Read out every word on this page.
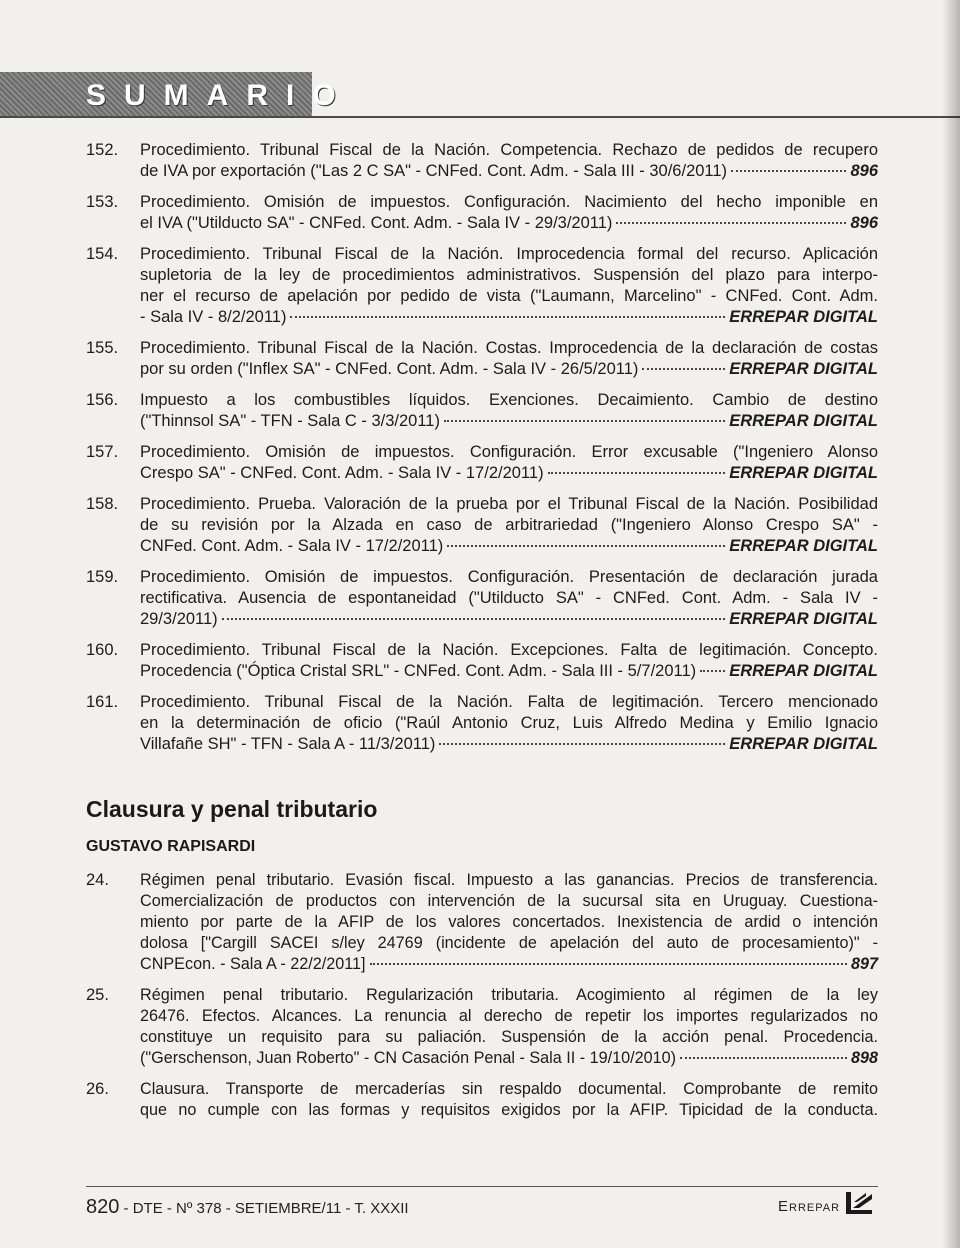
SUMARIO
152.	Procedimiento. Tribunal Fiscal de la Nación. Competencia. Rechazo de pedidos de recupero
de IVA por exportación ("Las 2 C SA" - CNFed. Cont. Adm. - Sala III - 30/6/2011)	896
153.	Procedimiento. Omisión de impuestos. Configuración. Nacimiento del hecho imponible en
el IVA ("Utilducto SA" - CNFed. Cont. Adm. - Sala IV - 29/3/2011)	896
154.	Procedimiento. Tribunal Fiscal de la Nación. Improcedencia formal del recurso. Aplicación
supletoria de la ley de procedimientos administrativos. Suspensión del plazo para interpo-
ner el recurso de apelación por pedido de vista ("Laumann, Marcelino" - CNFed. Cont. Adm.
- Sala IV - 8/2/2011)	ERREPAR DIGITAL
155.	Procedimiento. Tribunal Fiscal de la Nación. Costas. Improcedencia de la declaración de costas
por su orden ("Inflex SA" - CNFed. Cont. Adm. - Sala IV - 26/5/2011)	ERREPAR DIGITAL
156.	Impuesto a los combustibles líquidos. Exenciones. Decaimiento. Cambio de destino
("Thinnsol SA" - TFN - Sala C - 3/3/2011)	ERREPAR DIGITAL
157.	Procedimiento. Omisión de impuestos. Configuración. Error excusable ("Ingeniero Alonso
Crespo SA" - CNFed. Cont. Adm. - Sala IV - 17/2/2011)	ERREPAR DIGITAL
158.	Procedimiento. Prueba. Valoración de la prueba por el Tribunal Fiscal de la Nación. Posibilidad
de su revisión por la Alzada en caso de arbitrariedad ("Ingeniero Alonso Crespo SA" -
CNFed. Cont. Adm. - Sala IV - 17/2/2011)	ERREPAR DIGITAL
159.	Procedimiento. Omisión de impuestos. Configuración. Presentación de declaración jurada
rectificativa. Ausencia de espontaneidad ("Utilducto SA" - CNFed. Cont. Adm. - Sala IV -
29/3/2011)	ERREPAR DIGITAL
160.	Procedimiento. Tribunal Fiscal de la Nación. Excepciones. Falta de legitimación. Concepto.
Procedencia ("Óptica Cristal SRL" - CNFed. Cont. Adm. - Sala III - 5/7/2011) ERREPAR DIGITAL
161.	Procedimiento. Tribunal Fiscal de la Nación. Falta de legitimación. Tercero mencionado
en la determinación de oficio ("Raúl Antonio Cruz, Luis Alfredo Medina y Emilio Ignacio
Villafañe SH" - TFN - Sala A - 11/3/2011)	ERREPAR DIGITAL
Clausura y penal tributario
GUSTAVO RAPISARDI
24.	Régimen penal tributario. Evasión fiscal. Impuesto a las ganancias. Precios de transferencia.
Comercialización de productos con intervención de la sucursal sita en Uruguay. Cuestiona-
miento por parte de la AFIP de los valores concertados. Inexistencia de ardid o intención
dolosa ["Cargill SACEI s/ley 24769 (incidente de apelación del auto de procesamiento)" -
CNPEcon. - Sala A - 22/2/2011]	897
25.	Régimen penal tributario. Regularización tributaria. Acogimiento al régimen de la ley
26476. Efectos. Alcances. La renuncia al derecho de repetir los importes regularizados no
constituye un requisito para su paliación. Suspensión de la acción penal. Procedencia.
("Gerschenson, Juan Roberto" - CN Casación Penal - Sala II - 19/10/2010)	898
26.	Clausura. Transporte de mercaderías sin respaldo documental. Comprobante de remito
que no cumple con las formas y requisitos exigidos por la AFIP. Tipicidad de la conducta.
820 - DTE - Nº 378 - SETIEMBRE/11 - T. XXXII	Errepar
